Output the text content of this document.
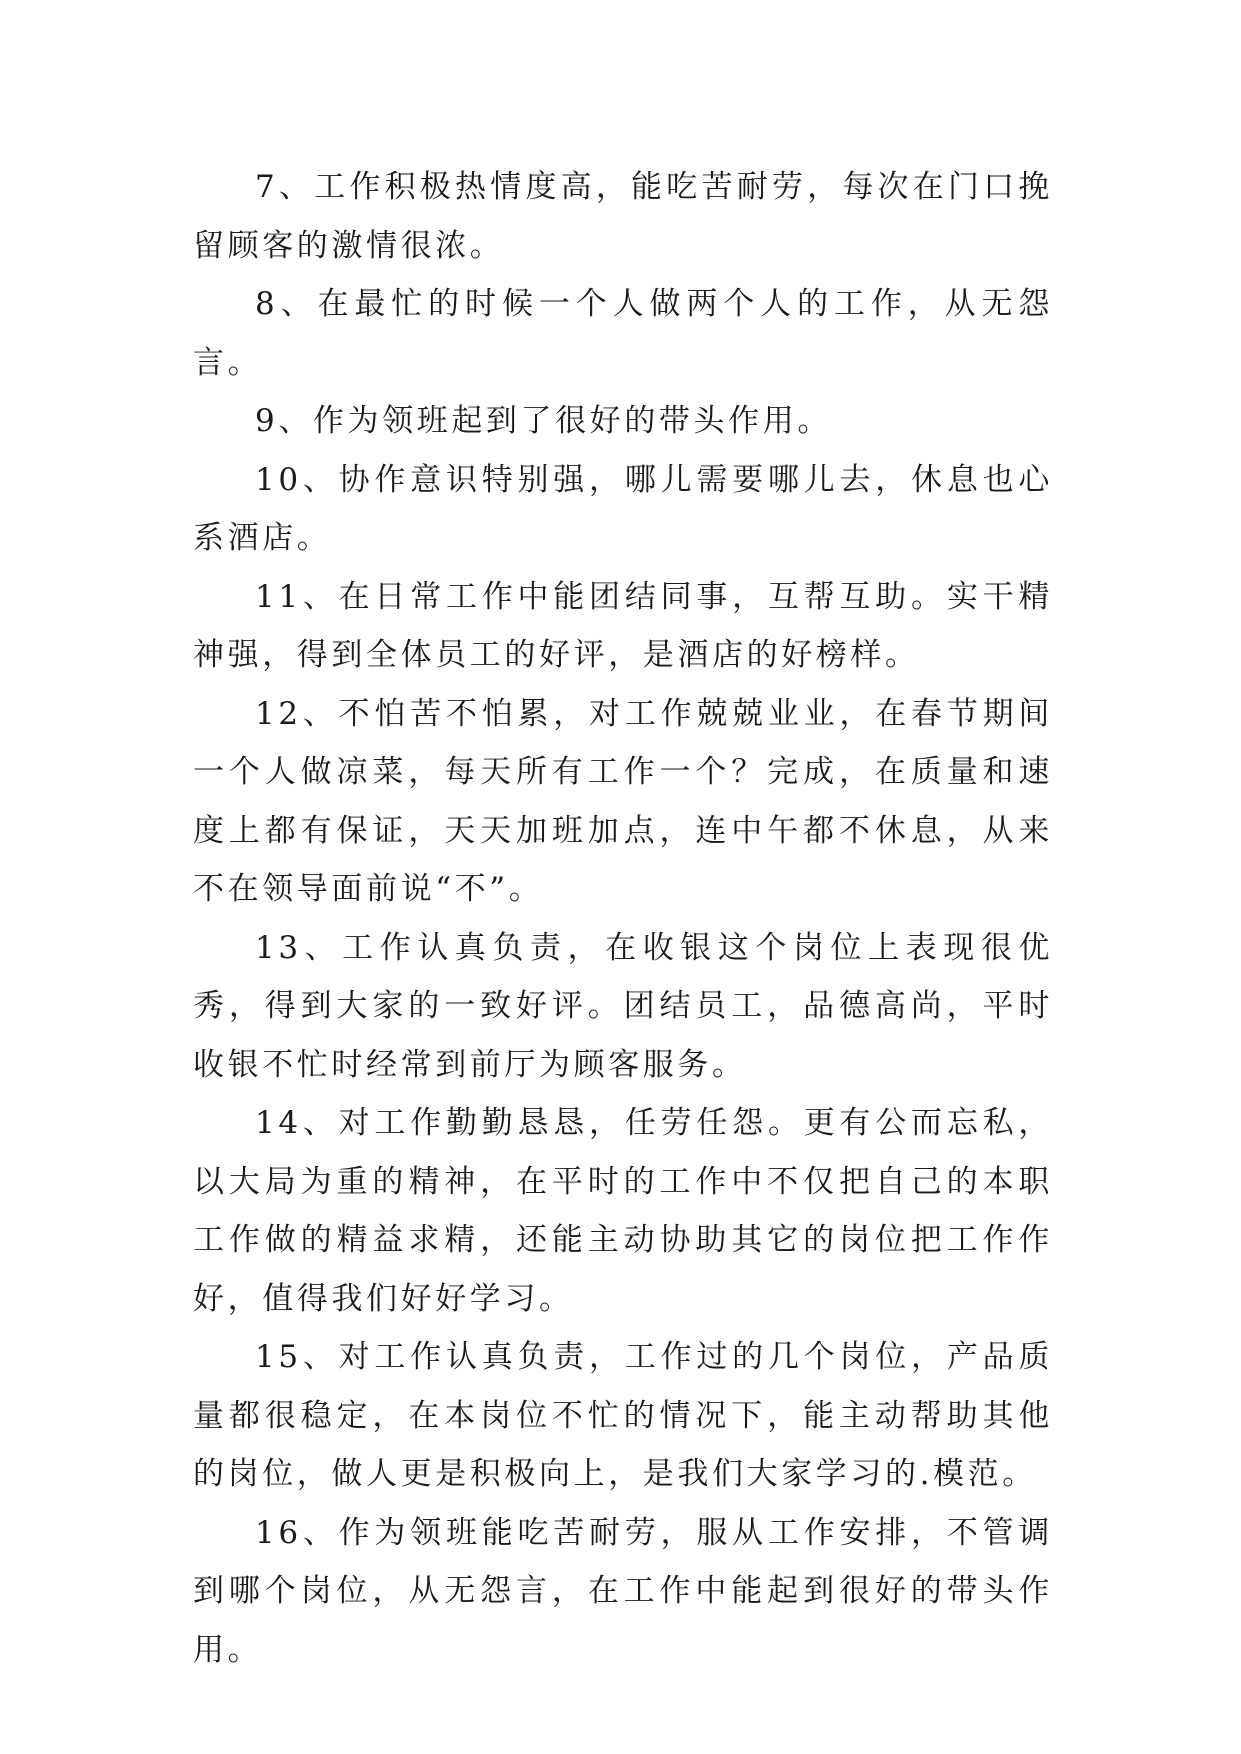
7、工作积极热情度高，能吃苦耐劳，每次在门口挽留顾客的激情很浓。

8、在最忙的时候一个人做两个人的工作，从无怨言。

9、作为领班起到了很好的带头作用。

10、协作意识特别强，哪儿需要哪儿去，休息也心系酒店。

11、在日常工作中能团结同事，互帮互助。实干精神强，得到全体员工的好评，是酒店的好榜样。

12、不怕苦不怕累，对工作兢兢业业，在春节期间一个人做凉菜，每天所有工作一个？完成，在质量和速度上都有保证，天天加班加点，连中午都不休息，从来不在领导面前说“不”。

13、工作认真负责，在收银这个岗位上表现很优秀，得到大家的一致好评。团结员工，品德高尚，平时收银不忙时经常到前厅为顾客服务。

14、对工作勤勤恳恳，任劳任怨。更有公而忘私，以大局为重的精神，在平时的工作中不仅把自己的本职工作做的精益求精，还能主动协助其它的岗位把工作作好，值得我们好好学习。

15、对工作认真负责，工作过的几个岗位，产品质量都很稳定，在本岗位不忙的情况下，能主动帮助其他的岗位，做人更是积极向上，是我们大家学习的.模范。

16、作为领班能吃苦耐劳，服从工作安排，不管调到哪个岗位，从无怨言，在工作中能起到很好的带头作用。
